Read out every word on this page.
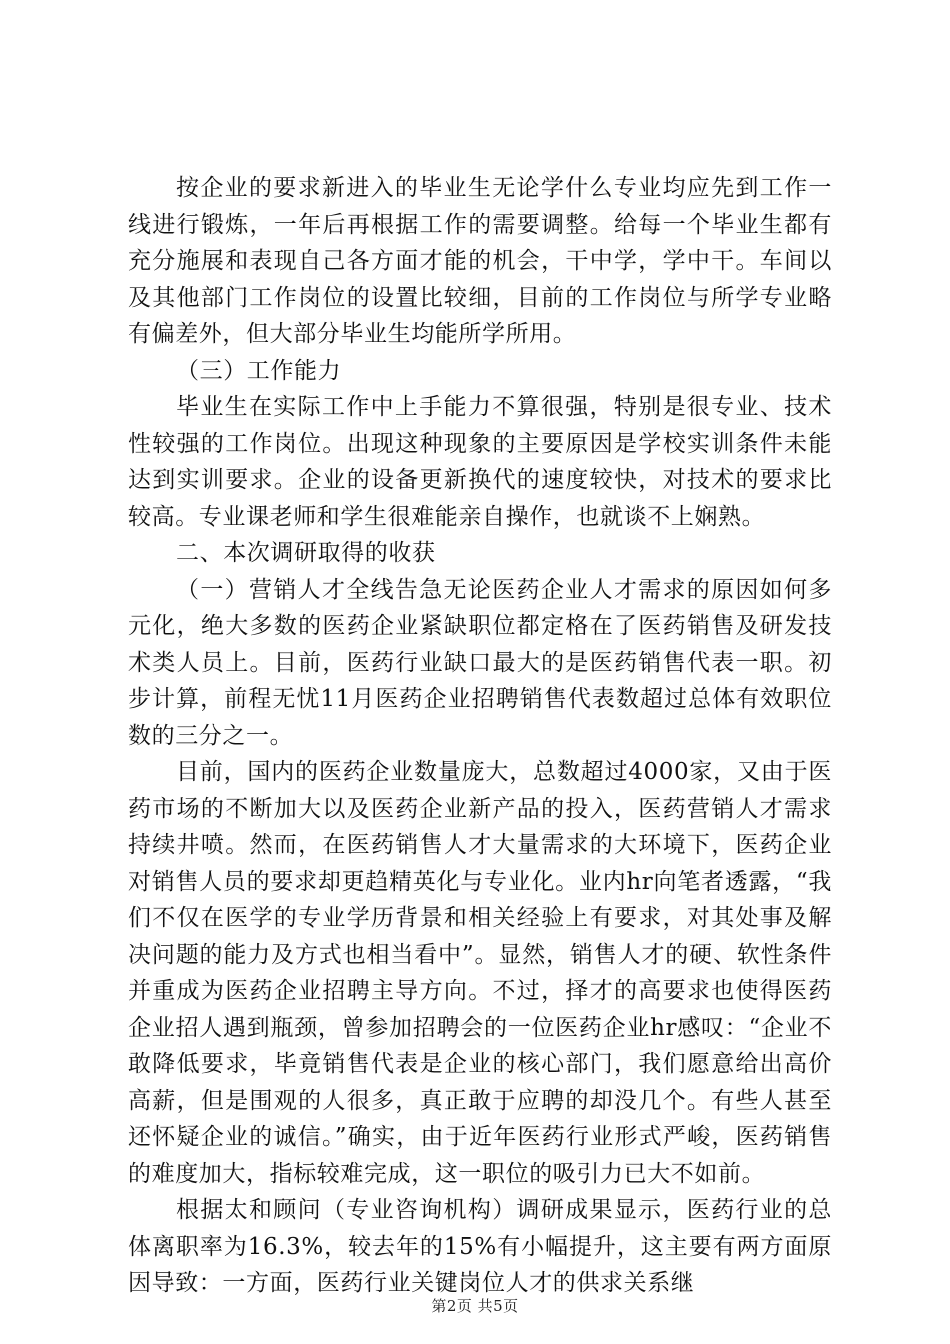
按企业的要求新进入的毕业生无论学什么专业均应先到工作一线进行锻炼，一年后再根据工作的需要调整。给每一个毕业生都有充分施展和表现自己各方面才能的机会，干中学，学中干。车间以及其他部门工作岗位的设置比较细，目前的工作岗位与所学专业略有偏差外，但大部分毕业生均能所学所用。

（三）工作能力

毕业生在实际工作中上手能力不算很强，特别是很专业、技术性较强的工作岗位。出现这种现象的主要原因是学校实训条件未能达到实训要求。企业的设备更新换代的速度较快，对技术的要求比较高。专业课老师和学生很难能亲自操作，也就谈不上娴熟。

二、本次调研取得的收获

（一）营销人才全线告急无论医药企业人才需求的原因如何多元化，绝大多数的医药企业紧缺职位都定格在了医药销售及研发技术类人员上。目前，医药行业缺口最大的是医药销售代表一职。初步计算，前程无忧11月医药企业招聘销售代表数超过总体有效职位数的三分之一。

目前，国内的医药企业数量庞大，总数超过4000家，又由于医药市场的不断加大以及医药企业新产品的投入，医药营销人才需求持续井喷。然而，在医药销售人才大量需求的大环境下，医药企业对销售人员的要求却更趋精英化与专业化。业内hr向笔者透露，“我们不仅在医学的专业学历背景和相关经验上有要求，对其处事及解决问题的能力及方式也相当看中”。显然，销售人才的硬、软性条件并重成为医药企业招聘主导方向。不过，择才的高要求也使得医药企业招人遇到瓶颈，曾参加招聘会的一位医药企业hr感叹：“企业不敢降低要求，毕竟销售代表是企业的核心部门，我们愿意给出高价高薪，但是围观的人很多，真正敢于应聘的却没几个。有些人甚至还怀疑企业的诚信。”确实，由于近年医药行业形式严峻，医药销售的难度加大，指标较难完成，这一职位的吸引力已大不如前。

根据太和顾问（专业咨询机构）调研成果显示，医药行业的总体离职率为16.3%，较去年的15%有小幅提升，这主要有两方面原因导致：一方面，医药行业关键岗位人才的供求关系继

第2页 共5页
